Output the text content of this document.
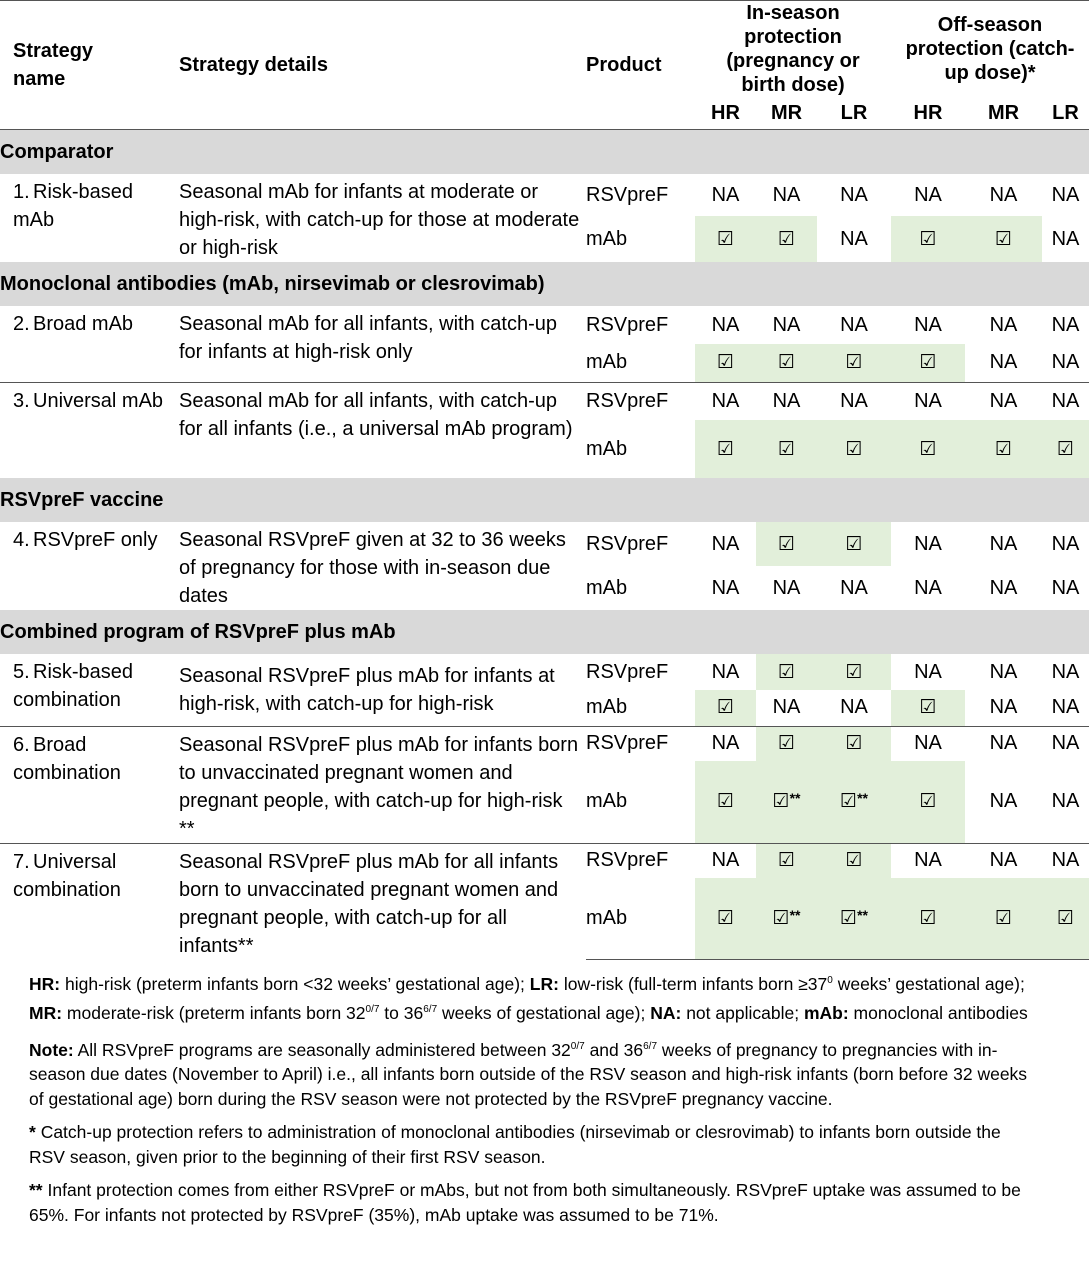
Strategy name	Strategy details	Product	In-season protection (pregnancy or birth dose)			Off-season protection (catch-up dose)*		
			HR	MR	LR	HR	MR	LR
Comparator								
1. Risk-based mAb	Seasonal mAb for infants at moderate or high-risk, with catch-up for those at moderate or high-risk	RSVpreF	NA	NA	NA	NA	NA	NA
		mAb	☑	☑	NA	☑	☑	NA
Monoclonal antibodies (mAb, nirsevimab or clesrovimab)								
2. Broad mAb	Seasonal mAb for all infants, with catch-up for infants at high-risk only	RSVpreF	NA	NA	NA	NA	NA	NA
		mAb	☑	☑	☑	☑	NA	NA
3. Universal mAb	Seasonal mAb for all infants, with catch-up for all infants (i.e., a universal mAb program)	RSVpreF	NA	NA	NA	NA	NA	NA
		mAb	☑	☑	☑	☑	☑	☑
RSVpreF vaccine								
4. RSVpreF only	Seasonal RSVpreF given at 32 to 36 weeks of pregnancy for those with in-season due dates	RSVpreF	NA	☑	☑	NA	NA	NA
		mAb	NA	NA	NA	NA	NA	NA
Combined program of RSVpreF plus mAb								
5. Risk-based combination	Seasonal RSVpreF plus mAb for infants at high-risk, with catch-up for high-risk	RSVpreF	NA	☑	☑	NA	NA	NA
		mAb	☑	NA	NA	☑	NA	NA
6. Broad combination	Seasonal RSVpreF plus mAb for infants born to unvaccinated pregnant women and pregnant people, with catch-up for high-risk **	RSVpreF	NA	☑	☑	NA	NA	NA
		mAb	☑	☑**	☑**	☑	NA	NA
7. Universal combination	Seasonal RSVpreF plus mAb for all infants born to unvaccinated pregnant women and pregnant people, with catch-up for all infants**	RSVpreF	NA	☑	☑	NA	NA	NA
		mAb	☑	☑**	☑**	☑	☑	☑

HR: high-risk (preterm infants born <32 weeks’ gestational age); LR: low-risk (full-term infants born $\ge 37^0$ weeks’ gestational age); MR: moderate-risk (preterm infants born $32^{0/7}$ to $36^{6/7}$ weeks of gestational age); NA: not applicable; mAb: monoclonal antibodies

Note: All RSVpreF programs are seasonally administered between $32^{0/7}$ and $36^{6/7}$ weeks of pregnancy to pregnancies with in-season due dates (November to April) i.e., all infants born outside of the RSV season and high-risk infants (born before 32 weeks of gestational age) born during the RSV season were not protected by the RSVpreF pregnancy vaccine.

* Catch-up protection refers to administration of monoclonal antibodies (nirsevimab or clesrovimab) to infants born outside the RSV season, given prior to the beginning of their first RSV season.

** Infant protection comes from either RSVpreF or mAbs, but not from both simultaneously. RSVpreF uptake was assumed to be 65%. For infants not protected by RSVpreF (35%), mAb uptake was assumed to be 71%.
